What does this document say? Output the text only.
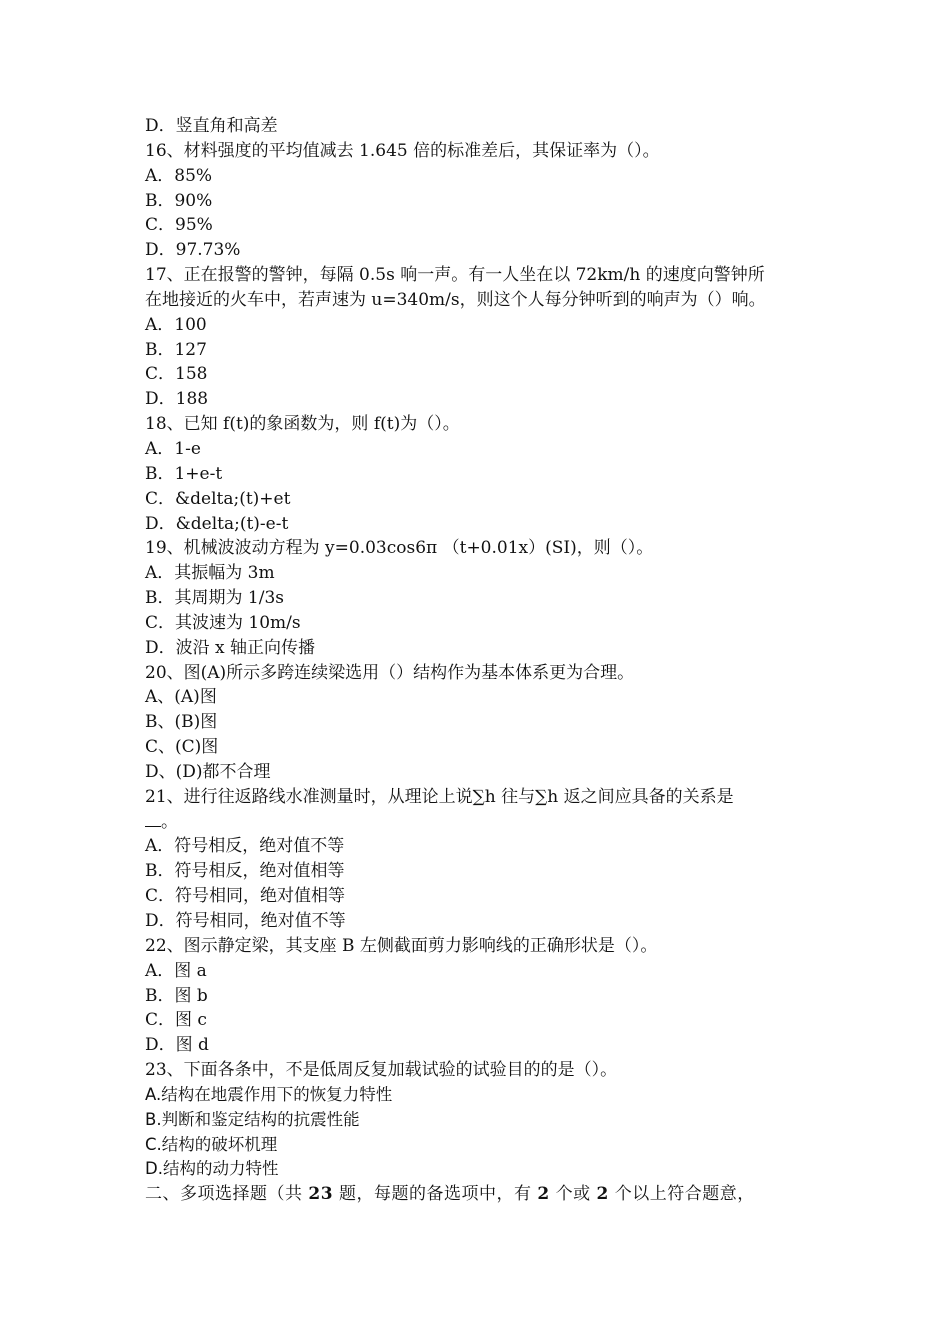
D．竖直角和高差
16、材料强度的平均值减去 1.645 倍的标准差后，其保证率为（）。
A．85%
B．90%
C．95%
D．97.73%
17、正在报警的警钟，每隔 0.5s 响一声。有一人坐在以 72km/h 的速度向警钟所
在地接近的火车中，若声速为 u=340m/s，则这个人每分钟听到的响声为（）响。
A．100
B．127
C．158
D．188
18、已知 f(t)的象函数为，则 f(t)为（）。
A．1-e
B．1+e-t
C．&delta;(t)+et
D．&delta;(t)-e-t
19、机械波波动方程为 y=0.03cos6π （t+0.01x）(SI)，则（）。
A．其振幅为 3m
B．其周期为 1/3s
C．其波速为 10m/s
D．波沿 x 轴正向传播
20、图(A)所示多跨连续梁选用（）结构作为基本体系更为合理。
A、(A)图
B、(B)图
C、(C)图
D、(D)都不合理
21、进行往返路线水准测量时，从理论上说∑h 往与∑h 返之间应具备的关系是
。
A．符号相反，绝对值不等
B．符号相反，绝对值相等
C．符号相同，绝对值相等
D．符号相同，绝对值不等
22、图示静定梁，其支座 B 左侧截面剪力影响线的正确形状是（）。
A．图 a
B．图 b
C．图 c
D．图 d
23、下面各条中，不是低周反复加载试验的试验目的的是（）。
A.结构在地震作用下的恢复力特性
B.判断和鉴定结构的抗震性能
C.结构的破坏机理
D.结构的动力特性
二、多项选择题（共 23 题，每题的备选项中，有 2 个或 2 个以上符合题意，
